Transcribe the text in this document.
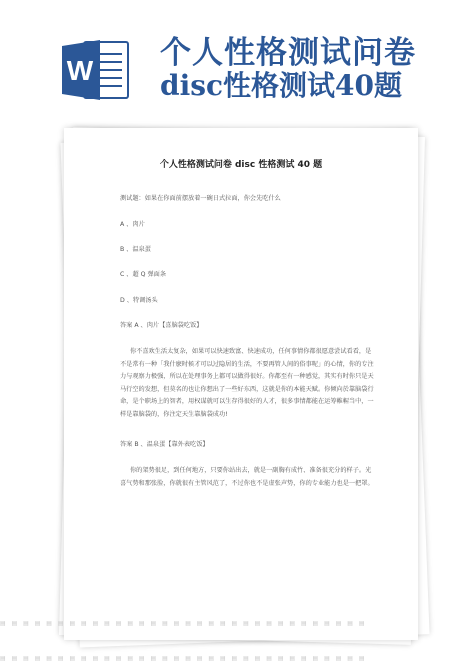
W 个人性格测试问卷
disc性格测试40题
个人性格测试问卷 disc 性格测试 40 题
测试题：如果在你面前摆放着一碗日式拉面，你会先吃什么
A 、肉片
B 、温泉蛋
C 、超 Q 弹面条
D 、特调汤头
答案 A 、肉片【喜脑袋吃饭】
你不喜欢生活太复杂，如果可以快速致富、快速成功，任何事情你都很愿意尝试看看，是
不是常有一种「我什麽时候才可以过隐居的生活，不要再管人间的俗事呢」的心情，你的专注
力与观察力极强，所以在处理事务上都可以做得很好。你都至有一种感觉，其实有时你只是天
马行空的发想，但莫名的也让你想出了一些好东西，这就是你的本能天赋。你倾向於靠脑袋行
命，是个职场上的智者，用权谋就可以生存得很好的人才，很多事情都能在运筹帷幄当中，一
样是靠脑袋的，你注定天生靠脑袋成功!
答案 B 、温泉蛋【靠外表吃饭】
你的架势很足，到任何地方，只要你站出去，就是一副胸有成竹、准备很充分的样子。光
喜气势和那张脸，你就很有主管风范了，不过你也不是虚张声势，你的专业能力也是一把罩。
▤ ▤ ▤ ▤ ▤ ▤ ▤ ▤ ▤ ▤ ▤ ▤ ▤ ▤ ▤ ▤ ▤ ▤ ▤ ▤ ▤ ▤ ▤ ▤ ▤ ▤ ▤ ▤ ▤ ▤ ▤ ▤
▤ ▤ ▤ ▤ ▤ ▤ ▤ ▤ ▤ ▤ ▤ ▤ ▤ ▤ ▤ ▤ ▤ ▤ ▤ ▤ ▤ ▤ ▤ ▤ ▤ ▤ ▤ ▤ ▤ ▤ ▤ ▤
